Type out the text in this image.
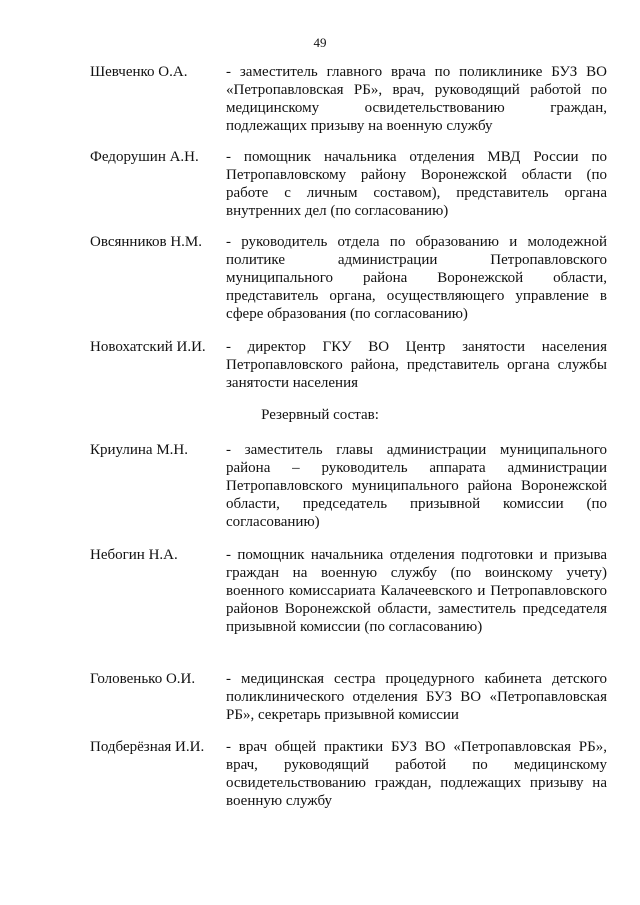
49
Шевченко О.А.	- заместитель главного врача по поликлинике БУЗ ВО «Петропавловская РБ», врач, руководящий работой по медицинскому освидетельствованию граждан, подлежащих призыву на военную службу
Федорушин А.Н. - помощник начальника отделения МВД России по Петропавловскому району Воронежской области (по работе с личным составом), представитель органа внутренних дел (по согласованию)
Овсянников Н.М. - руководитель отдела по образованию и молодежной политике администрации Петропавловского муниципального района Воронежской области, представитель органа, осуществляющего управление в сфере образования (по согласованию)
Новохатский И.И. - директор ГКУ ВО Центр занятости населения Петропавловского района, представитель органа службы занятости населения
Резервный состав:
Криулина М.Н.	- заместитель главы администрации муниципального района – руководитель аппарата администрации Петропавловского муниципального района Воронежской области, председатель призывной комиссии (по согласованию)
Небогин Н.А.	- помощник начальника отделения подготовки и призыва граждан на военную службу (по воинскому учету) военного комиссариата Калачеевского и Петропавловского районов Воронежской области, заместитель председателя призывной комиссии (по согласованию)
Головенько О.И. - медицинская сестра процедурного кабинета детского поликлинического отделения БУЗ ВО «Петропавловская РБ», секретарь призывной комиссии
Подберёзная И.И. - врач общей практики БУЗ ВО «Петропавловская РБ», врач, руководящий работой по медицинскому освидетельствованию граждан, подлежащих призыву на военную службу
